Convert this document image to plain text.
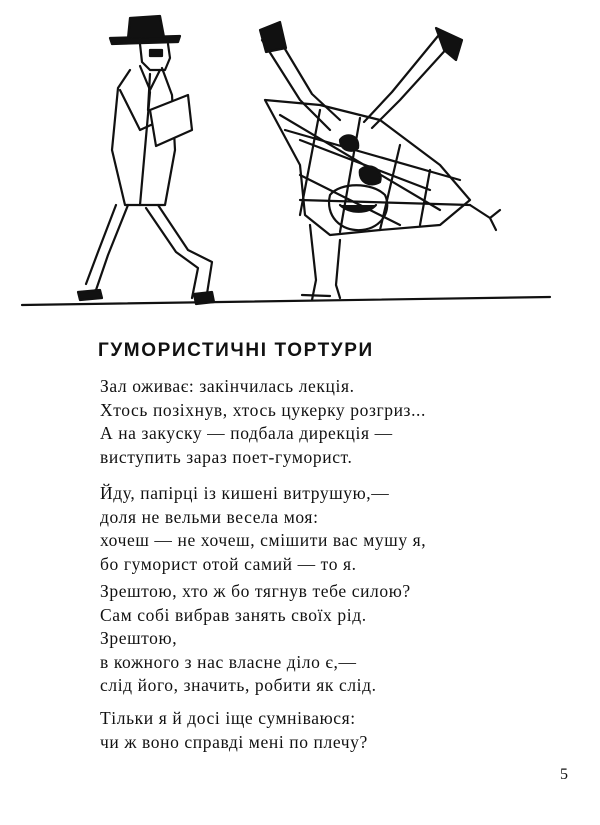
ГУМОРИСТИЧНІ ТОРТУРИ
Зал оживає: закінчилась лекція.
Хтось позіхнув, хтось цукерку розгриз...
А на закуску — подбала дирекція —
виступить зараз поет-гуморист.
Йду, папірці із кишені витрушую,—
доля не вельми весела моя:
хочеш — не хочеш, смішити вас мушу я,
бо гуморист отой самий — то я.
Зрештою, хто ж бо тягнув тебе силою?
Сам собі вибрав занять своїх рід.
Зрештою,
в кожного з нас власне діло є,—
слід його, значить, робити як слід.
Тільки я й досі іще сумніваюся:
чи ж воно справді мені по плечу?
5
